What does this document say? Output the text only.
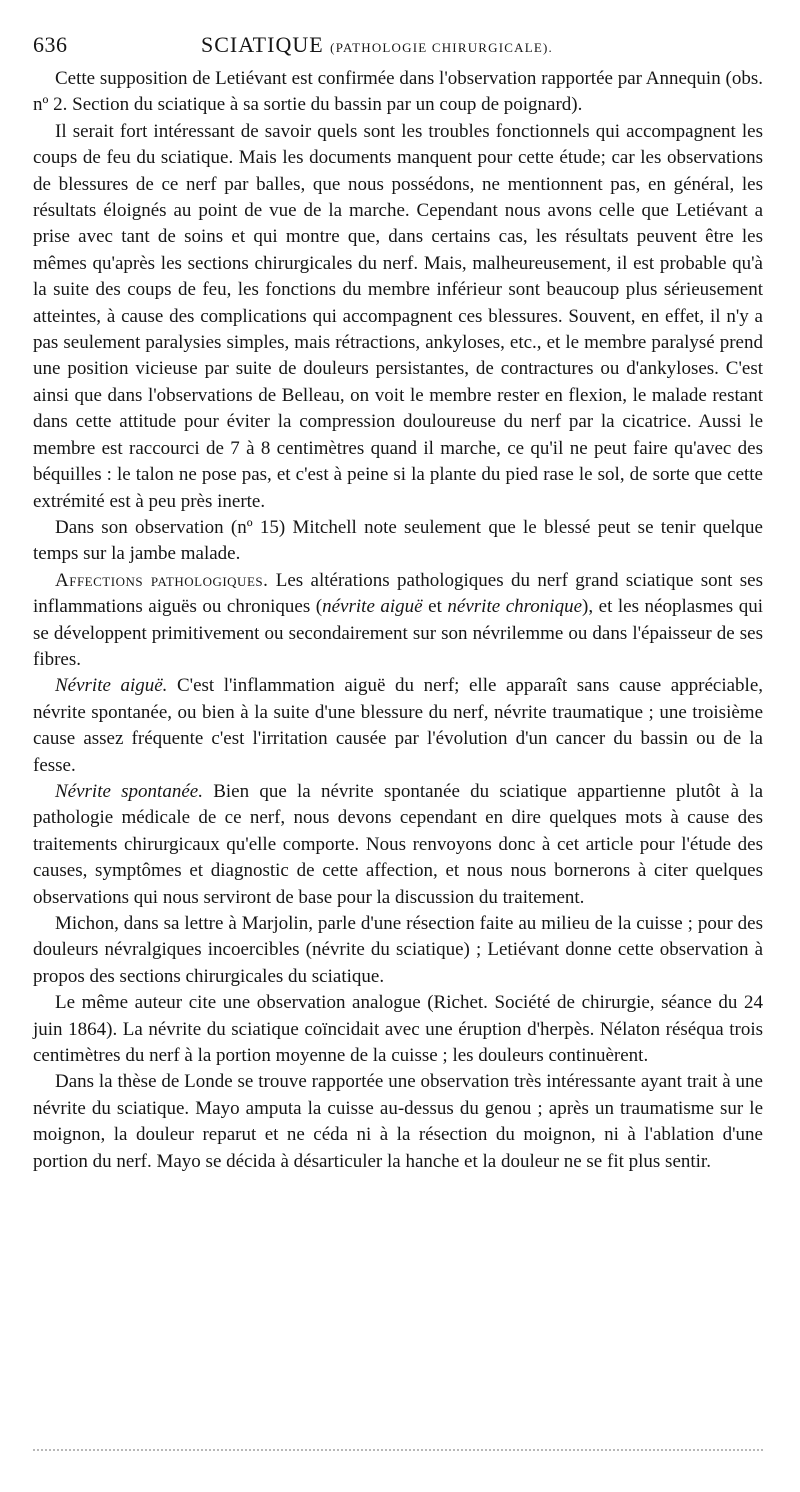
636	SCIATIQUE (PATHOLOGIE CHIRURGICALE).

Cette supposition de Letiévant est confirmée dans l'observation rapportée par Annequin (obs. nº 2. Section du sciatique à sa sortie du bassin par un coup de poignard).

Il serait fort intéressant de savoir quels sont les troubles fonctionnels qui accompagnent les coups de feu du sciatique. Mais les documents manquent pour cette étude; car les observations de blessures de ce nerf par balles, que nous possédons, ne mentionnent pas, en général, les résultats éloignés au point de vue de la marche. Cependant nous avons celle que Letiévant a prise avec tant de soins et qui montre que, dans certains cas, les résultats peuvent être les mêmes qu'après les sections chirurgicales du nerf. Mais, malheureusement, il est probable qu'à la suite des coups de feu, les fonctions du membre inférieur sont beaucoup plus sérieusement atteintes, à cause des complications qui accompagnent ces blessures. Souvent, en effet, il n'y a pas seulement paralysies simples, mais rétractions, ankyloses, etc., et le membre paralysé prend une position vicieuse par suite de douleurs persistantes, de contractures ou d'ankyloses. C'est ainsi que dans l'observations de Belleau, on voit le membre rester en flexion, le malade restant dans cette attitude pour éviter la compression douloureuse du nerf par la cicatrice. Aussi le membre est raccourci de 7 à 8 centimètres quand il marche, ce qu'il ne peut faire qu'avec des béquilles : le talon ne pose pas, et c'est à peine si la plante du pied rase le sol, de sorte que cette extrémité est à peu près inerte.

Dans son observation (nº 15) Mitchell note seulement que le blessé peut se tenir quelque temps sur la jambe malade.

Affections pathologiques. Les altérations pathologiques du nerf grand sciatique sont ses inflammations aiguës ou chroniques (névrite aiguë et névrite chronique), et les néoplasmes qui se développent primitivement ou secondairement sur son névrilemme ou dans l'épaisseur de ses fibres.

Névrite aiguë. C'est l'inflammation aiguë du nerf; elle apparaît sans cause appréciable, névrite spontanée, ou bien à la suite d'une blessure du nerf, névrite traumatique ; une troisième cause assez fréquente c'est l'irritation causée par l'évolution d'un cancer du bassin ou de la fesse.

Névrite spontanée. Bien que la névrite spontanée du sciatique appartienne plutôt à la pathologie médicale de ce nerf, nous devons cependant en dire quelques mots à cause des traitements chirurgicaux qu'elle comporte. Nous renvoyons donc à cet article pour l'étude des causes, symptômes et diagnostic de cette affection, et nous nous bornerons à citer quelques observations qui nous serviront de base pour la discussion du traitement.

Michon, dans sa lettre à Marjolin, parle d'une résection faite au milieu de la cuisse ; pour des douleurs névralgiques incoercibles (névrite du sciatique) ; Letiévant donne cette observation à propos des sections chirurgicales du sciatique.

Le même auteur cite une observation analogue (Richet. Société de chirurgie, séance du 24 juin 1864). La névrite du sciatique coïncidait avec une éruption d'herpès. Nélaton réséqua trois centimètres du nerf à la portion moyenne de la cuisse ; les douleurs continuèrent.

Dans la thèse de Londe se trouve rapportée une observation très intéressante ayant trait à une névrite du sciatique. Mayo amputa la cuisse au-dessus du genou ; après un traumatisme sur le moignon, la douleur reparut et ne céda ni à la résection du moignon, ni à l'ablation d'une portion du nerf. Mayo se décida à désarticuler la hanche et la douleur ne se fit plus sentir.
